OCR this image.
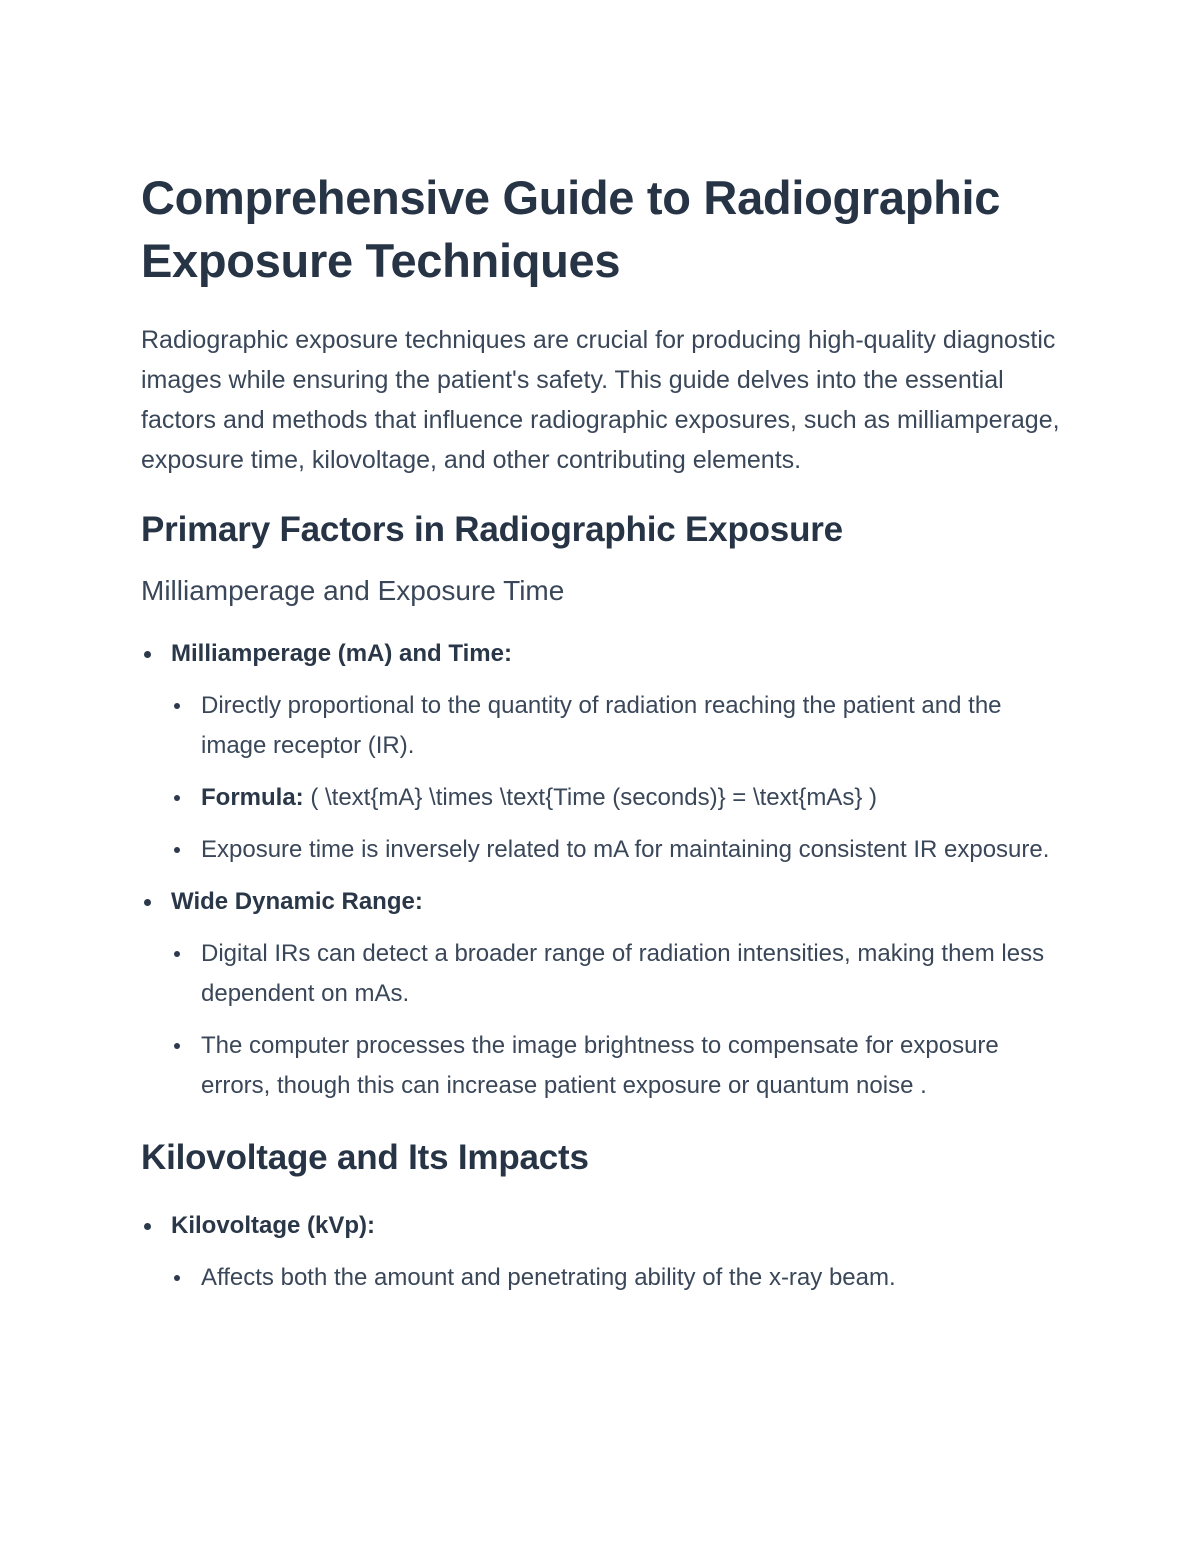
Comprehensive Guide to Radiographic Exposure Techniques

Radiographic exposure techniques are crucial for producing high-quality diagnostic images while ensuring the patient's safety. This guide delves into the essential factors and methods that influence radiographic exposures, such as milliamperage, exposure time, kilovoltage, and other contributing elements.

Primary Factors in Radiographic Exposure
Milliamperage and Exposure Time
Milliamperage (mA) and Time:
Directly proportional to the quantity of radiation reaching the patient and the image receptor (IR).
Formula: ( \text{mA} \times \text{Time (seconds)} = \text{mAs} )
Exposure time is inversely related to mA for maintaining consistent IR exposure.
Wide Dynamic Range:
Digital IRs can detect a broader range of radiation intensities, making them less dependent on mAs.
The computer processes the image brightness to compensate for exposure errors, though this can increase patient exposure or quantum noise .
Kilovoltage and Its Impacts
Kilovoltage (kVp):
Affects both the amount and penetrating ability of the x-ray beam.
